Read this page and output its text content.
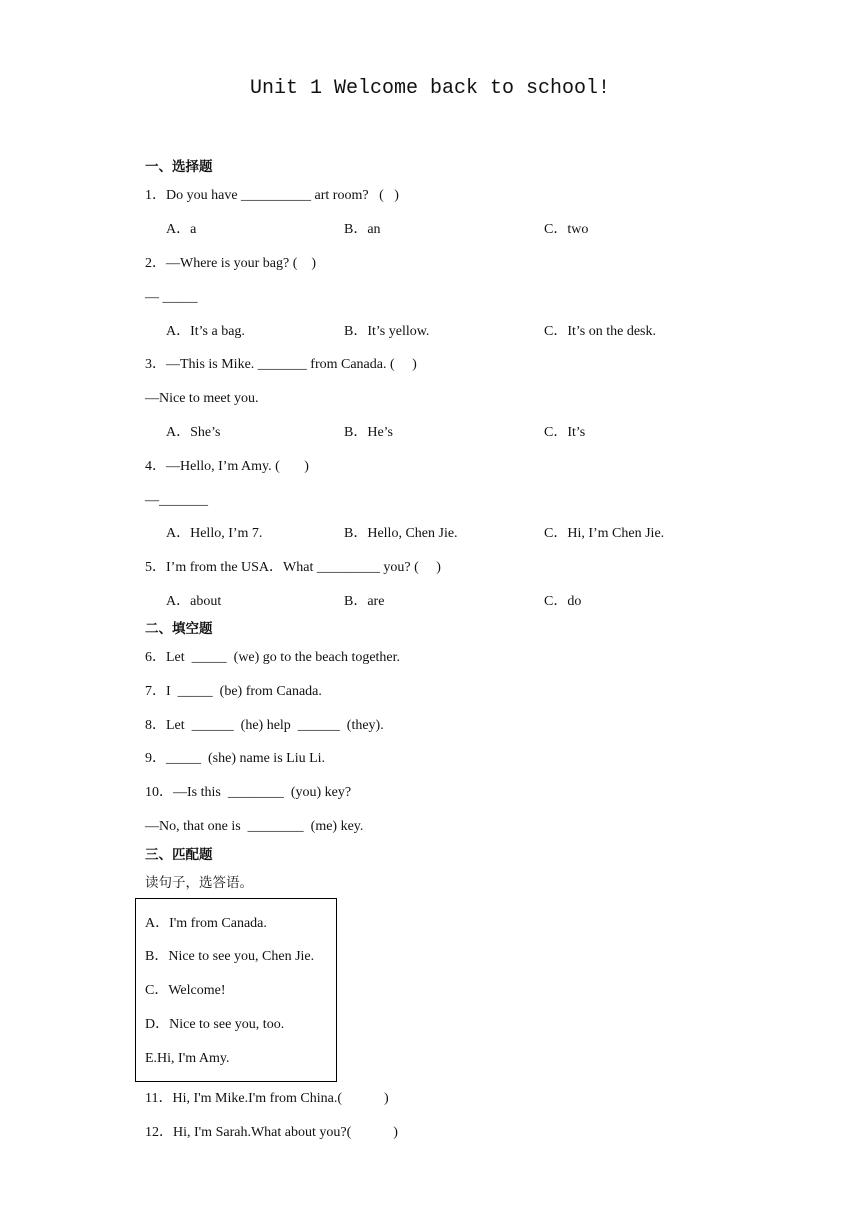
Unit 1 Welcome back to school!
一、选择题
1．Do you have __________ art room?   (   )
A．a	B．an	C．two
2．—Where is your bag? (    )
— _____
A．It’s a bag.	B．It’s yellow.	C．It’s on the desk.
3．—This is Mike. _______ from Canada. (     )
—Nice to meet you.
A．She’s	B．He’s	C．It’s
4．—Hello, I’m Amy. (       )
—_______
A．Hello, I’m 7.	B．Hello, Chen Jie.	C．Hi, I’m Chen Jie.
5．I’m from the USA．What _________ you? (     )
A．about	B．are	C．do
二、填空题
6．Let  _____  (we) go to the beach together.
7．I  _____  (be) from Canada.
8．Let  ______  (he) help  ______  (they).
9．_____  (she) name is Liu Li.
10．—Is this  ________  (you) key?
—No, that one is  ________  (me) key.
三、匹配题
读句子，选答语。
A．I'm from Canada.
B．Nice to see you, Chen Jie.
C．Welcome!
D．Nice to see you, too.
E.Hi, I'm Amy.
11．Hi, I'm Mike.I'm from China.(            )
12．Hi, I'm Sarah.What about you?(            )
